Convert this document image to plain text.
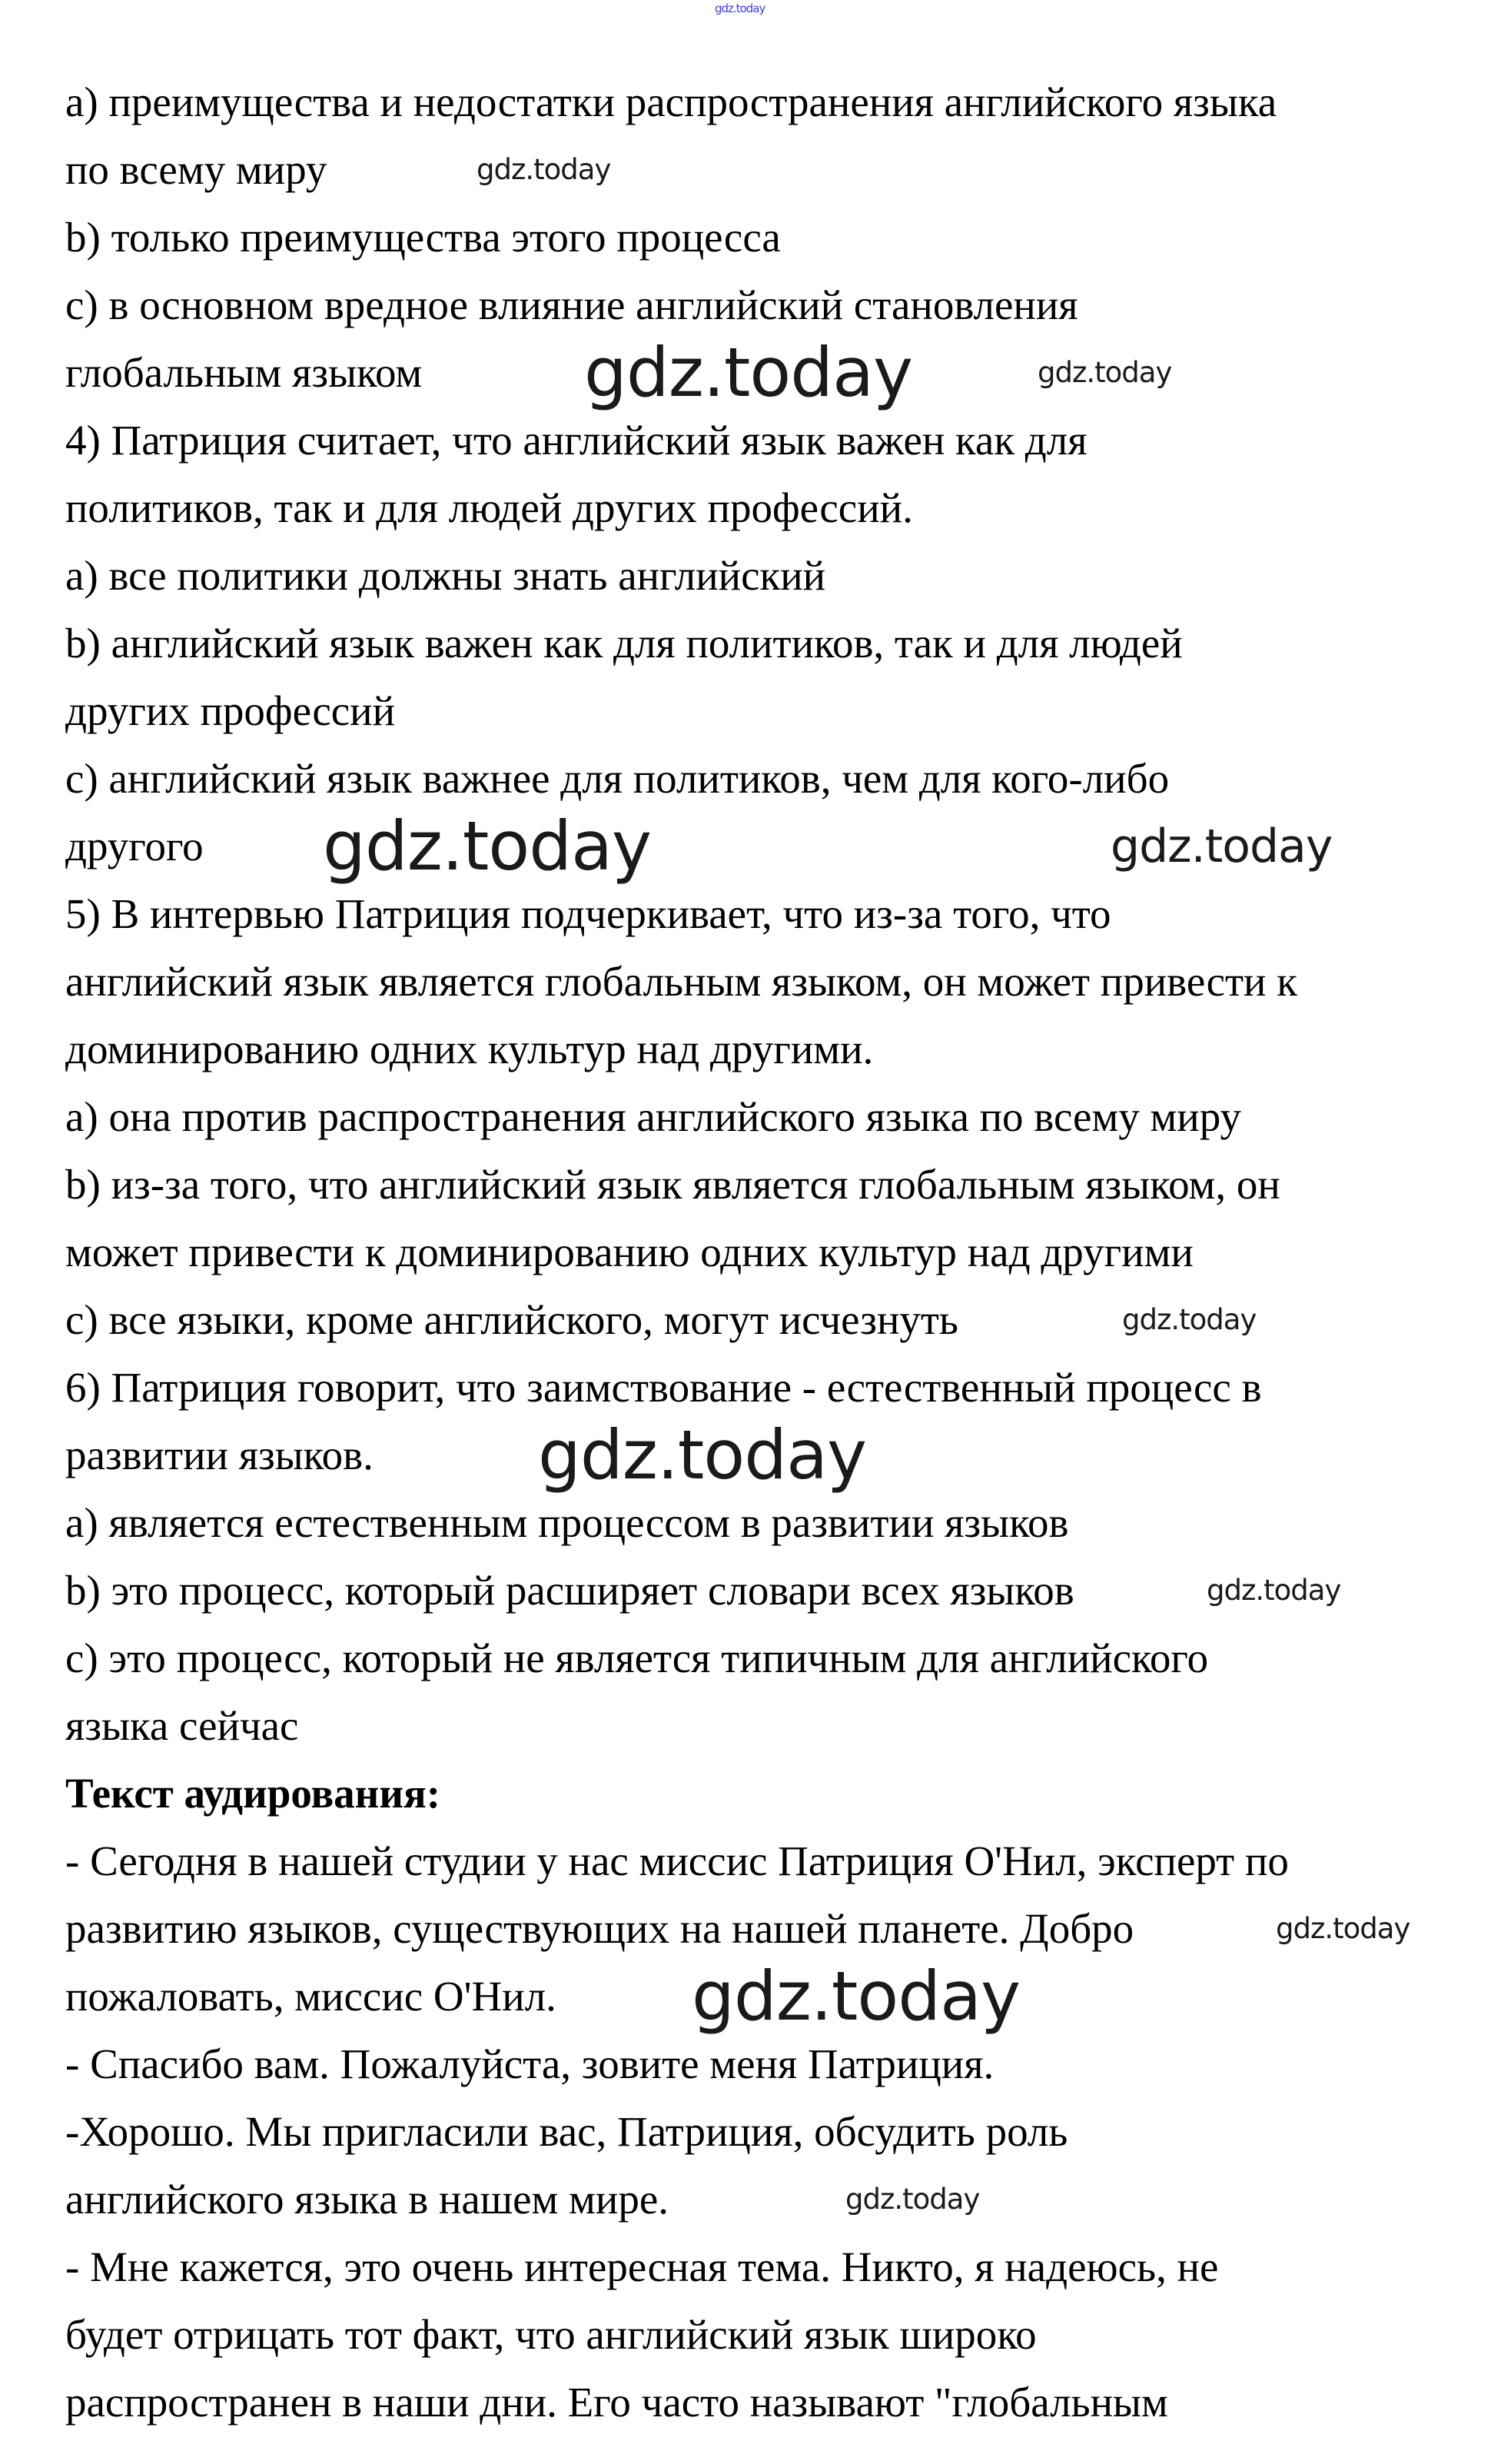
а) преимущества и недостатки распространения английского языка
по всему миру
b) только преимущества этого процесса
с) в основном вредное влияние английский становления
глобальным языком
4) Патриция считает, что английский язык важен как для
политиков, так и для людей других профессий.
а) все политики должны знать английский
b) английский язык важен как для политиков, так и для людей
других профессий
с) английский язык важнее для политиков, чем для кого-либо
другого
5) В интервью Патриция подчеркивает, что из-за того, что
английский язык является глобальным языком, он может привести к
доминированию одних культур над другими.
а) она против распространения английского языка по всему миру
b) из-за того, что английский язык является глобальным языком, он
может привести к доминированию одних культур над другими
с) все языки, кроме английского, могут исчезнуть
6) Патриция говорит, что заимствование - естественный процесс в
развитии языков.
а) является естественным процессом в развитии языков
b) это процесс, который расширяет словари всех языков
с) это процесс, который не является типичным для английского
языка сейчас
Текст аудирования:
- Сегодня в нашей студии у нас миссис Патриция О'Нил, эксперт по
развитию языков, существующих на нашей планете. Добро
пожаловать, миссис О'Нил.
- Спасибо вам. Пожалуйста, зовите меня Патриция.
-Хорошо. Мы пригласили вас, Патриция, обсудить роль
английского языка в нашем мире.
- Мне кажется, это очень интересная тема. Никто, я надеюсь, не
будет отрицать тот факт, что английский язык широко
распространен в наши дни. Его часто называют "глобальным
gdz.today
gdz.today
gdz.today	gdz.today
gdz.today	gdz.today
gdz.today
gdz.today
gdz.today
gdz.today
gdz.today
gdz.today
